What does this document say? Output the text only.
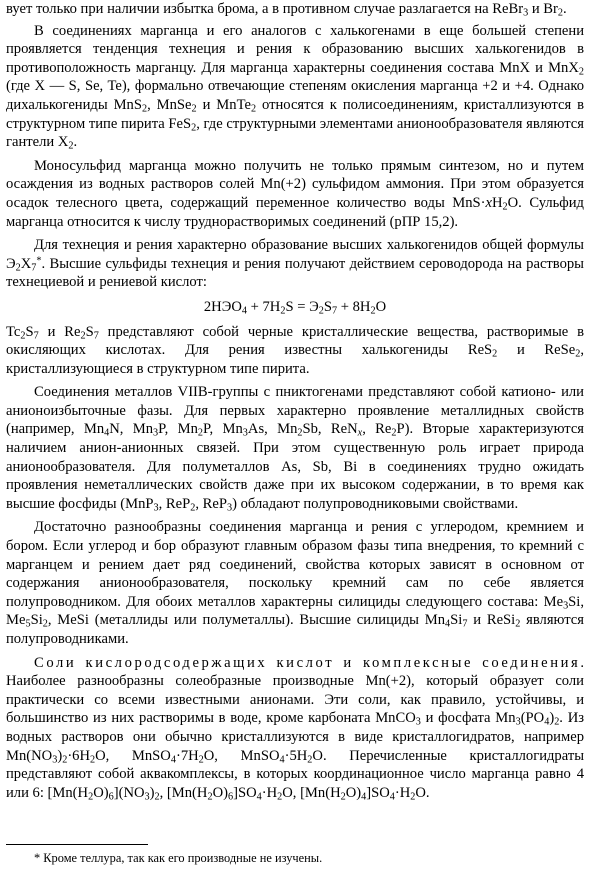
вует только при наличии избытка брома, а в противном случае разлагается на ReBr$_3$ и $Br_2$.
В соединениях марганца и его аналогов с халькогенами в еще большей степени проявляется тенденция технеция и рения к образованию высших халькогенидов в противоположность марганцу. Для марганца характерны соединения состава MnX и MnX$_2$ (где X — S, Se, Te), формально отвечающие степеням окисления марганца +2 и +4. Однако дихалькогениды MnS$_2$, MnSe$_2$ и MnTe$_2$ относятся к полисоединениям, кристаллизуются в структурном типе пирита FeS$_2$, где структурными элементами анионообразователя являются гантели $X_2$.
Моносульфид марганца можно получить не только прямым синтезом, но и путем осаждения из водных растворов солей Mn(+2) сульфидом аммония. При этом образуется осадок телесного цвета, содержащий переменное количество воды $MnS\cdot xH_2O$. Сульфид марганца относится к числу труднорастворимых соединений (рПР 15,2).
Для технеция и рения характерно образование высших халькогенидов общей формулы $Э_2X_7^*$. Высшие сульфиды технеция и рения получают действием сероводорода на растворы технециевой и рениевой кислот:
$2HЭO_4 + 7H_2S = Э_2S_7 + 8H_2O$
$Tc_2S_7$ и $Re_2S_7$ представляют собой черные кристаллические вещества, растворимые в окисляющих кислотах. Для рения известны халькогениды ReS$_2$ и ReSe$_2$, кристаллизующиеся в структурном типе пирита.
Соединения металлов VIIB-группы с пниктогенами представляют собой катионо- или анионоизбыточные фазы. Для первых характерно проявление металлидных свойств (например, $Mn_4N$, $Mn_3P$, $Mn_2P$, $Mn_3As$, $Mn_2Sb$, ReN$_x$, $Re_2P$). Вторые характеризуются наличием анион-анионных связей. При этом существенную роль играет природа анионообразователя. Для полуметаллов As, Sb, Bi в соединениях трудно ожидать проявления неметаллических свойств даже при их высоком содержании, в то время как высшие фосфиды (MnP$_3$, ReP$_2$, ReP$_3$) обладают полупроводниковыми свойствами.
Достаточно разнообразны соединения марганца и рения с углеродом, кремнием и бором. Если углерод и бор образуют главным образом фазы типа внедрения, то кремний с марганцем и рением дает ряд соединений, свойства которых зависят в основном от содержания анионообразователя, поскольку кремний сам по себе является полупроводником. Для обоих металлов характерны силициды следующего состава: $Me_3Si$, $Me_5Si_2$, MeSi (металлиды или полуметаллы). Высшие силициды $Mn_4Si_7$ и ReSi$_2$ являются полупроводниками.
Соли кислородсодержащих кислот и комплексные соединения. Наиболее разнообразны солеобразные производные Mn(+2), который образует соли практически со всеми известными анионами. Эти соли, как правило, устойчивы, и большинство из них растворимы в воде, кроме карбоната MnCO$_3$ и фосфата $Mn_3(PO_4)_2$. Из водных растворов они обычно кристаллизуются в виде кристаллогидратов, например $Mn(NO_3)_2\cdot 6H_2O$, $MnSO_4\cdot 7H_2O$, $MnSO_4\cdot 5H_2O$. Перечисленные кристаллогидраты представляют собой аквакомплексы, в которых координационное число марганца равно 4 или 6: $[Mn(H_2O)_6](NO_3)_2$, $[Mn(H_2O)_6]SO_4\cdot H_2O$, $[Mn(H_2O)_4]SO_4\cdot H_2O$.
* Кроме теллура, так как его производные не изучены.
